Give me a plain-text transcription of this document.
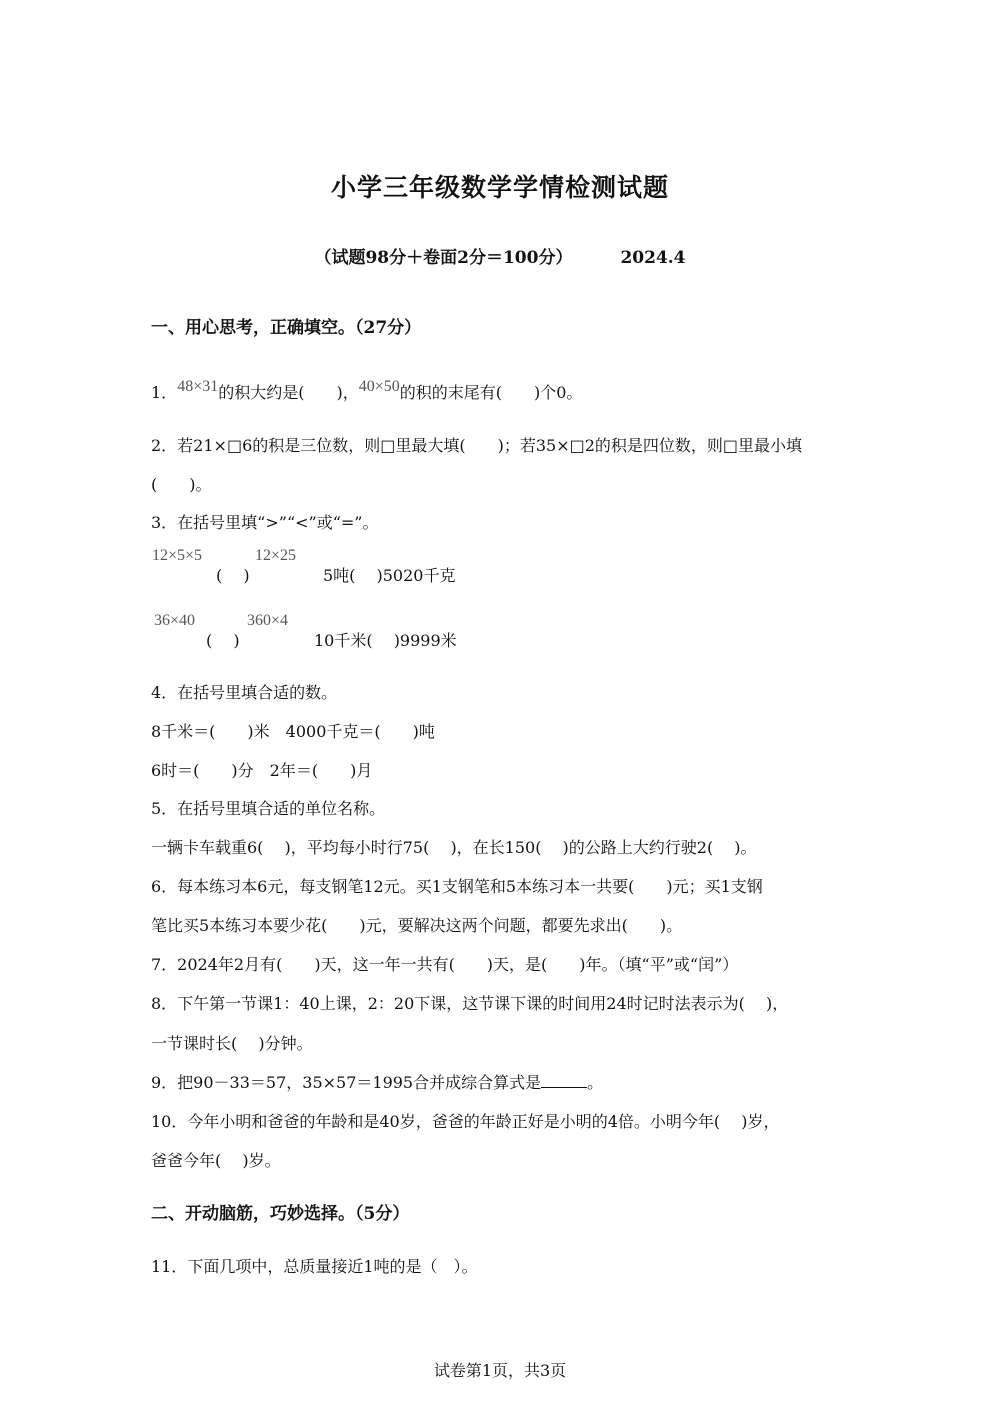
小学三年级数学学情检测试题
（试题98分＋卷面2分＝100分）	2024.4
一、用心思考，正确填空。（27分）
1．48×31的积大约是(　　)，40×50的积的末尾有(　　)个0。
2．若21×□6的积是三位数，则□里最大填(　　)；若35×□2的积是四位数，则□里最小填
(　　)。
3．在括号里填“>”“<”或“=”。
12×5×5	12×25
(　 )	5吨(　 )5020千克
36×40	360×4
(　 )	10千米(　 )9999米
4．在括号里填合适的数。
8千米＝(　　)米　4000千克＝(　　)吨
6时＝(　　)分　2年＝(　　)月
5．在括号里填合适的单位名称。
一辆卡车载重6(　 )，平均每小时行75(　 )，在长150(　 )的公路上大约行驶2(　 )。
6．每本练习本6元，每支钢笔12元。买1支钢笔和5本练习本一共要(　　)元；买1支钢
笔比买5本练习本要少花(　　)元，要解决这两个问题，都要先求出(　　)。
7．2024年2月有(　　)天，这一年一共有(　　)天，是(　　)年。（填“平”或“闰”）
8．下午第一节课1：40上课，2：20下课，这节课下课的时间用24时记时法表示为(　 )，
一节课时长(　 )分钟。
9．把90－33＝57，35×57＝1995合并成综合算式是	。
10．今年小明和爸爸的年龄和是40岁，爸爸的年龄正好是小明的4倍。小明今年(　 )岁，
爸爸今年(　 )岁。
二、开动脑筋，巧妙选择。（5分）
11．下面几项中，总质量接近1吨的是（　）。
试卷第1页，共3页
